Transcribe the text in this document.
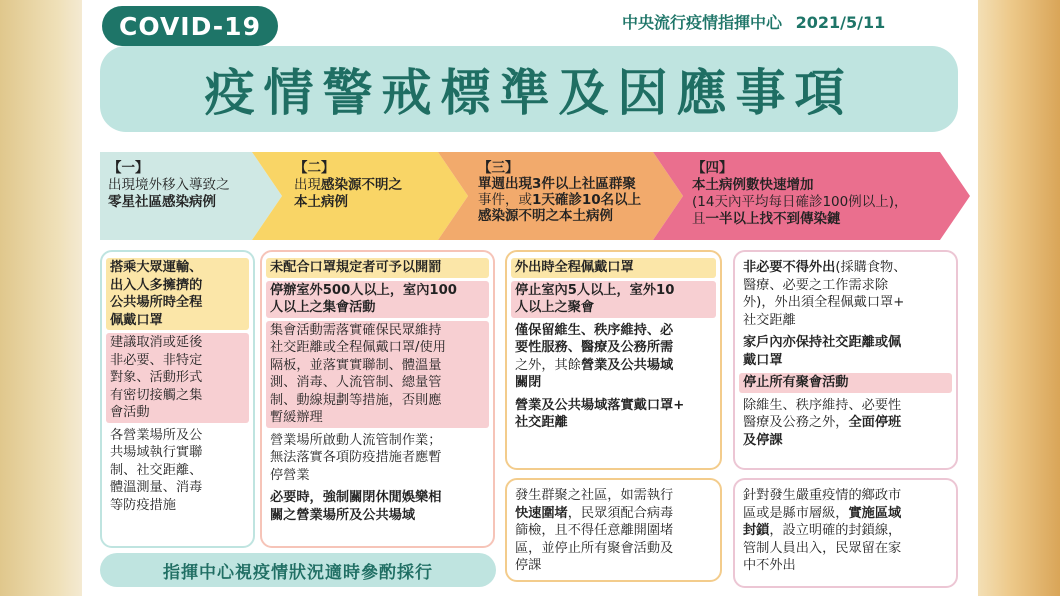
COVID-19	中央流行疫情指揮中心 2021/5/11
疫情警戒標準及因應事項
【一】
出現境外移入導致之
零星社區感染病例
【二】
出現感染源不明之
本土病例
【三】
單週出現3件以上社區群聚
事件，或1天確診10名以上
感染源不明之本土病例
【四】
本土病例數快速增加
(14天內平均每日確診100例以上)，
且一半以上找不到傳染鏈
搭乘大眾運輸、
出入人多擁擠的
公共場所時全程
佩戴口罩
建議取消或延後
非必要、非特定
對象、活動形式
有密切接觸之集
會活動
各營業場所及公
共場域執行實聯
制、社交距離、
體溫測量、消毒
等防疫措施
未配合口罩規定者可予以開罰
停辦室外500人以上，室內100
人以上之集會活動
集會活動需落實確保民眾維持
社交距離或全程佩戴口罩/使用
隔板，並落實實聯制、體溫量
測、消毒、人流管制、總量管
制、動線規劃等措施，否則應
暫緩辦理
營業場所啟動人流管制作業；
無法落實各項防疫措施者應暫
停營業
必要時，強制關閉休閒娛樂相
關之營業場所及公共場域
外出時全程佩戴口罩
停止室內5人以上，室外10
人以上之聚會
僅保留維生、秩序維持、必
要性服務、醫療及公務所需
之外，其餘營業及公共場域
關閉
營業及公共場域落實戴口罩+
社交距離
發生群聚之社區，如需執行
快速圍堵，民眾須配合病毒
篩檢，且不得任意離開圍堵
區，並停止所有聚會活動及
停課
非必要不得外出(採購食物、
醫療、必要之工作需求除
外)，外出須全程佩戴口罩+
社交距離
家戶內亦保持社交距離或佩
戴口罩
停止所有聚會活動
除維生、秩序維持、必要性
醫療及公務之外，全面停班
及停課
針對發生嚴重疫情的鄉政市
區或是縣市層級，實施區域
封鎖，設立明確的封鎖線，
管制人員出入，民眾留在家
中不外出
指揮中心視疫情狀況適時參酌採行
